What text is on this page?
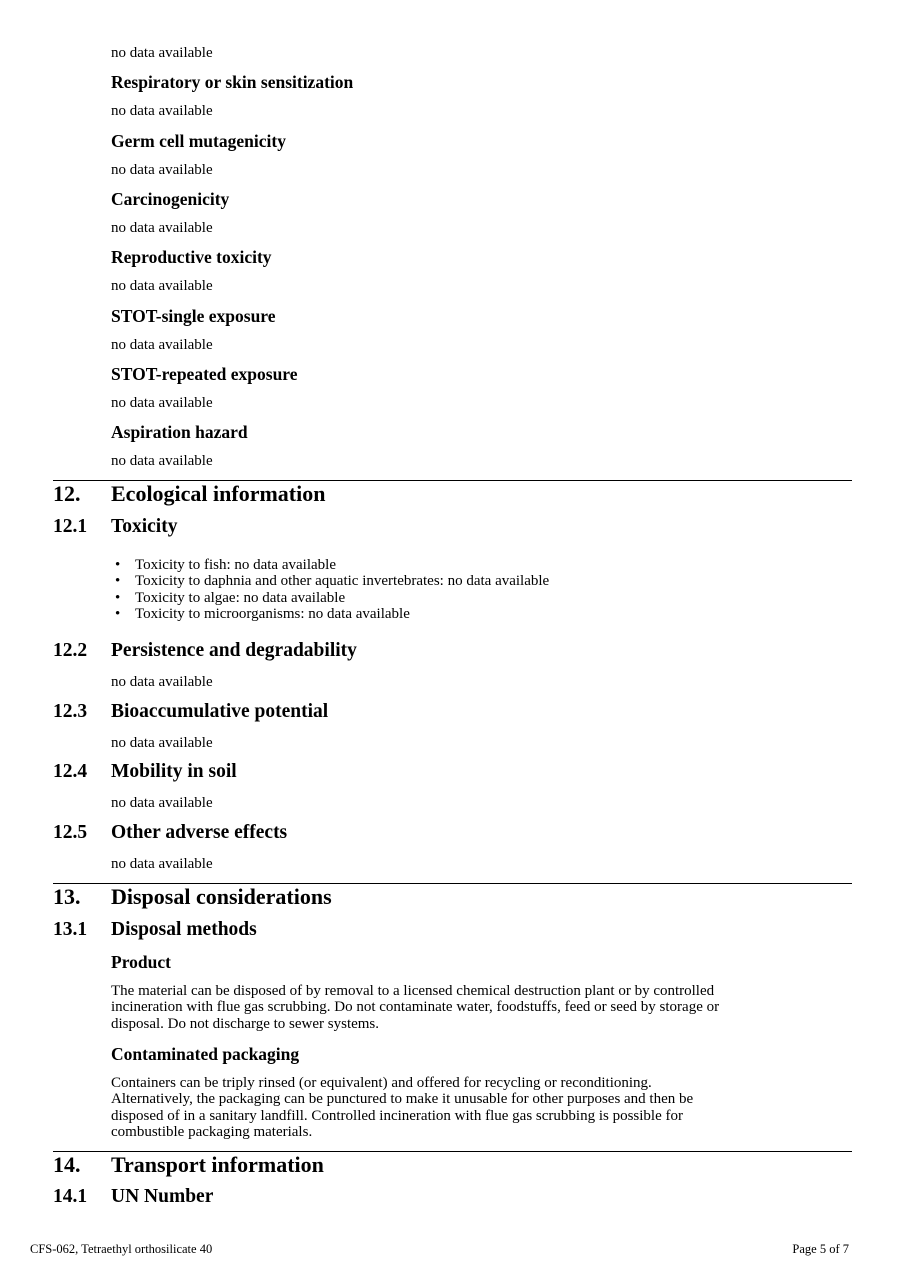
no data available
Respiratory or skin sensitization
no data available
Germ cell mutagenicity
no data available
Carcinogenicity
no data available
Reproductive toxicity
no data available
STOT-single exposure
no data available
STOT-repeated exposure
no data available
Aspiration hazard
no data available
12. Ecological information
12.1 Toxicity
• Toxicity to fish: no data available
• Toxicity to daphnia and other aquatic invertebrates: no data available
• Toxicity to algae: no data available
• Toxicity to microorganisms: no data available
12.2 Persistence and degradability
no data available
12.3 Bioaccumulative potential
no data available
12.4 Mobility in soil
no data available
12.5 Other adverse effects
no data available
13. Disposal considerations
13.1 Disposal methods
Product
The material can be disposed of by removal to a licensed chemical destruction plant or by controlled
incineration with flue gas scrubbing. Do not contaminate water, foodstuffs, feed or seed by storage or
disposal. Do not discharge to sewer systems.
Contaminated packaging
Containers can be triply rinsed (or equivalent) and offered for recycling or reconditioning.
Alternatively, the packaging can be punctured to make it unusable for other purposes and then be
disposed of in a sanitary landfill. Controlled incineration with flue gas scrubbing is possible for
combustible packaging materials.
14. Transport information
14.1 UN Number
CFS-062, Tetraethyl orthosilicate 40	Page 5 of 7
